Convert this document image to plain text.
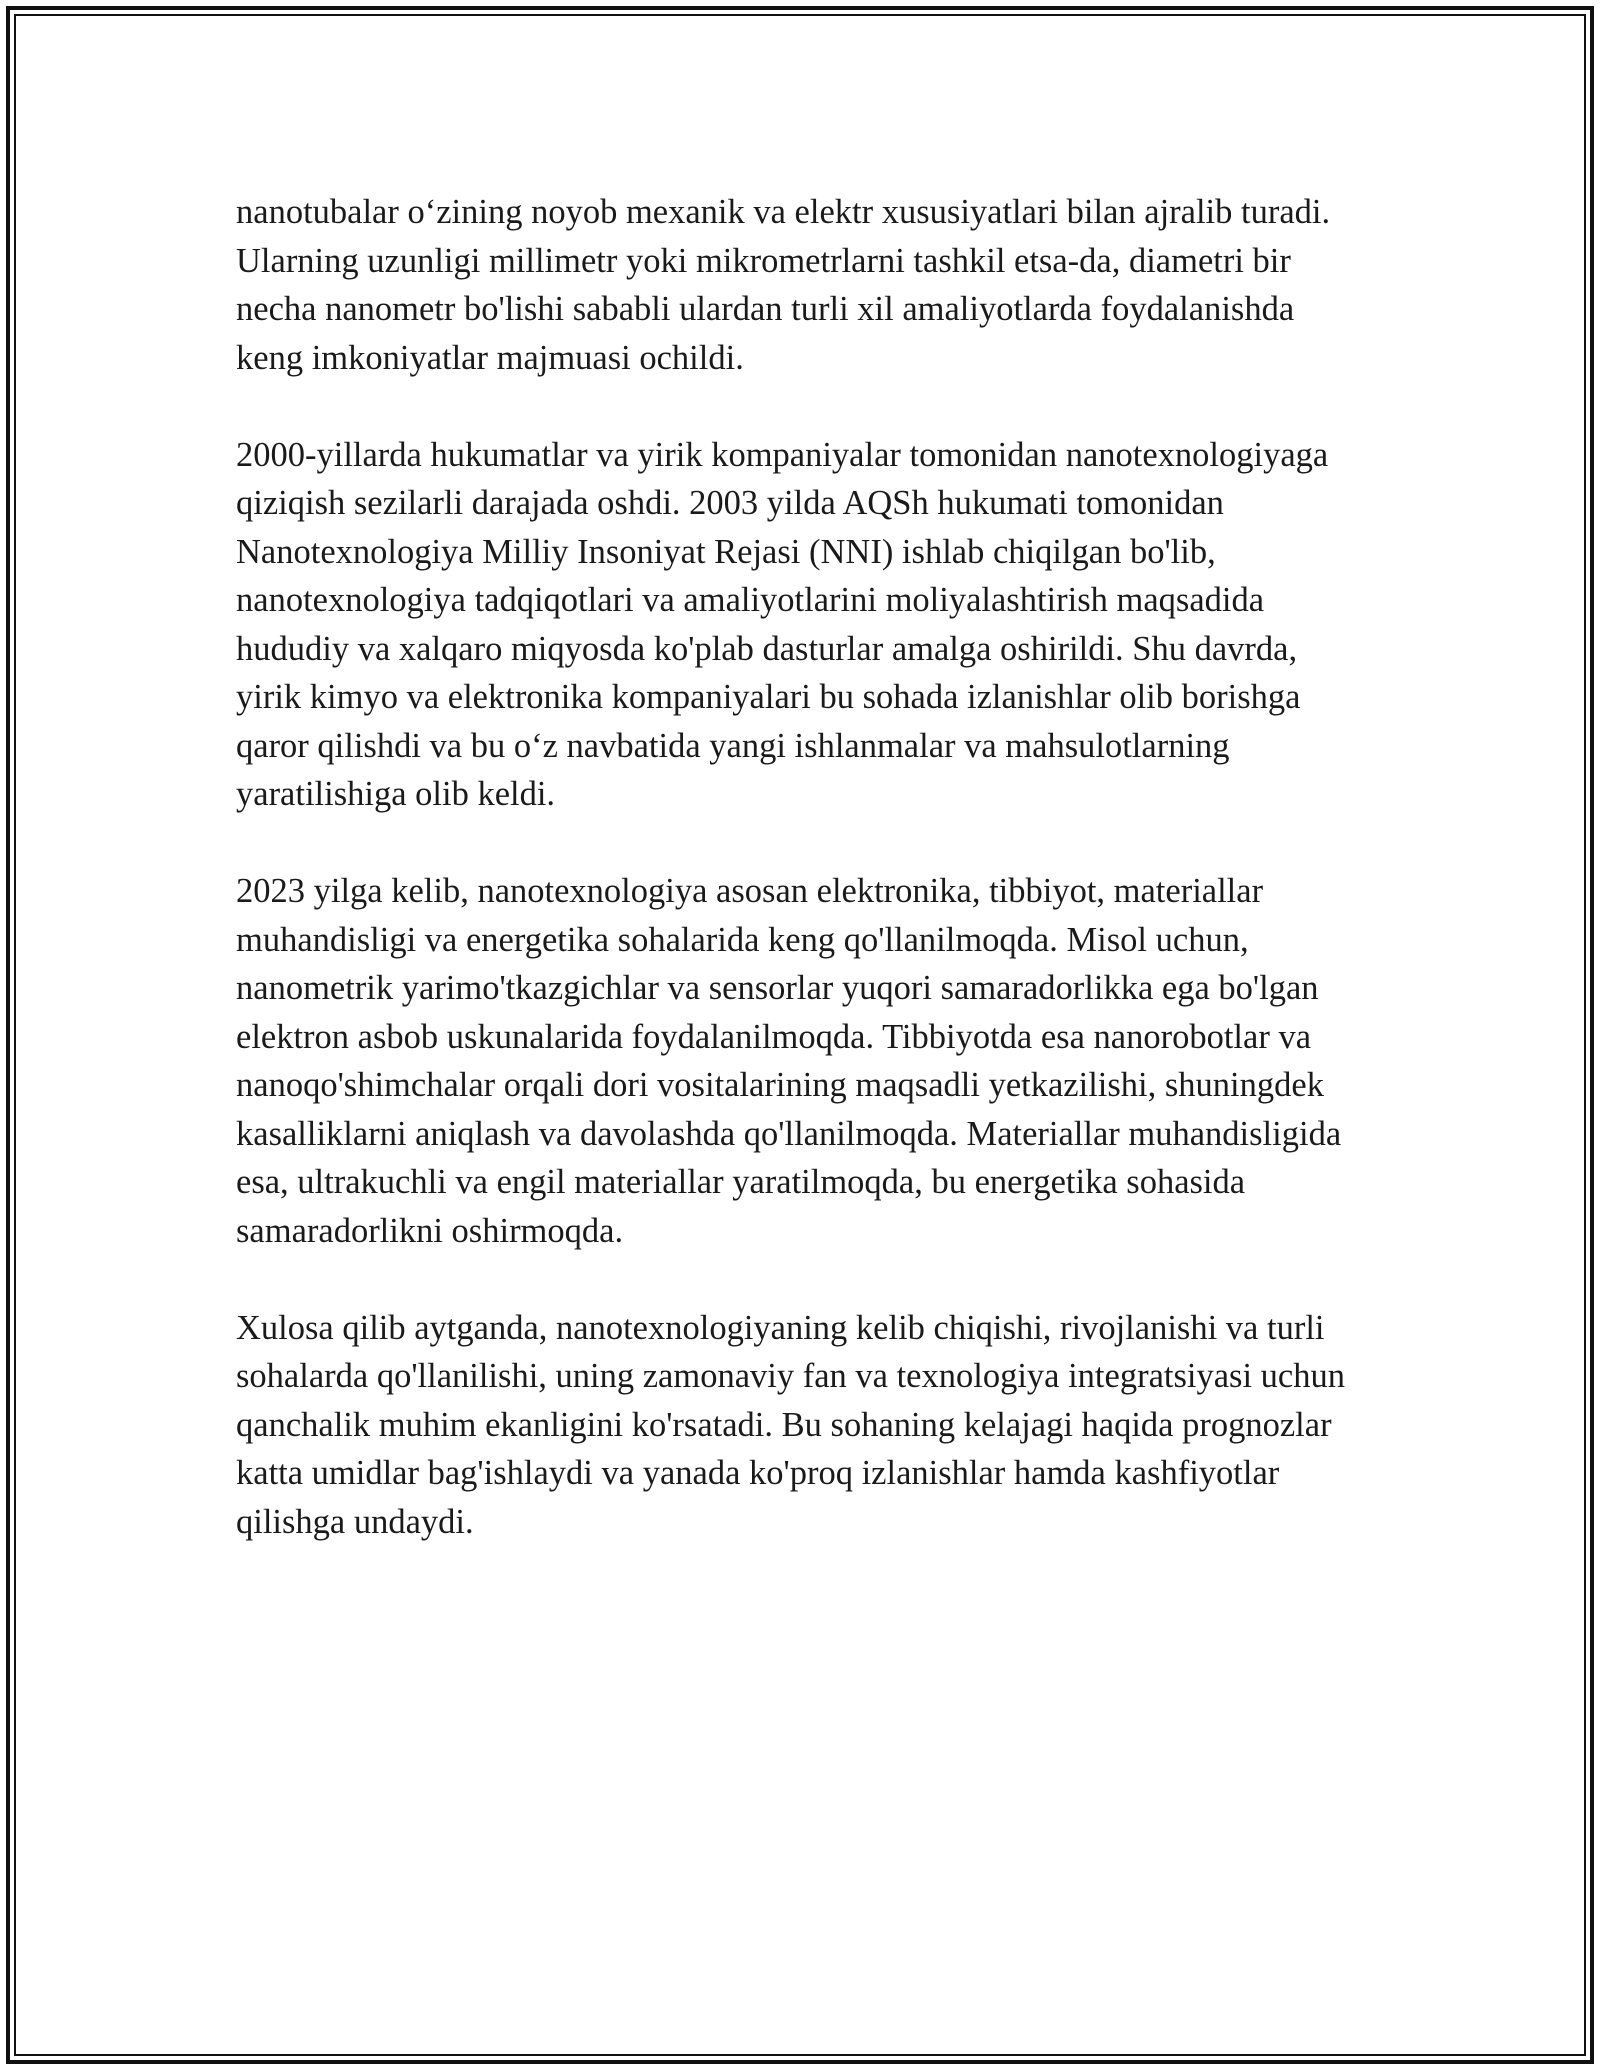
nanotubalar o‘zining noyob mexanik va elektr xususiyatlari bilan ajralib turadi. Ularning uzunligi millimetr yoki mikrometrlarni tashkil etsa-da, diametri bir necha nanometr bo'lishi sababli ulardan turli xil amaliyotlarda foydalanishda keng imkoniyatlar majmuasi ochildi.

2000-yillarda hukumatlar va yirik kompaniyalar tomonidan nanotexnologiyaga qiziqish sezilarli darajada oshdi. 2003 yilda AQSh hukumati tomonidan Nanotexnologiya Milliy Insoniyat Rejasi (NNI) ishlab chiqilgan bo'lib, nanotexnologiya tadqiqotlari va amaliyotlarini moliyalashtirish maqsadida hududiy va xalqaro miqyosda ko'plab dasturlar amalga oshirildi. Shu davrda, yirik kimyo va elektronika kompaniyalari bu sohada izlanishlar olib borishga qaror qilishdi va bu o‘z navbatida yangi ishlanmalar va mahsulotlarning yaratilishiga olib keldi.

2023 yilga kelib, nanotexnologiya asosan elektronika, tibbiyot, materiallar muhandisligi va energetika sohalarida keng qo'llanilmoqda. Misol uchun, nanometrik yarimo'tkazgichlar va sensorlar yuqori samaradorlikka ega bo'lgan elektron asbob uskunalarida foydalanilmoqda. Tibbiyotda esa nanorobotlar va nanoqo'shimchalar orqali dori vositalarining maqsadli yetkazilishi, shuningdek kasalliklarni aniqlash va davolashda qo'llanilmoqda. Materiallar muhandisligida esa, ultrakuchli va engil materiallar yaratilmoqda, bu energetika sohasida samaradorlikni oshirmoqda.

Xulosa qilib aytganda, nanotexnologiyaning kelib chiqishi, rivojlanishi va turli sohalarda qo'llanilishi, uning zamonaviy fan va texnologiya integratsiyasi uchun qanchalik muhim ekanligini ko'rsatadi. Bu sohaning kelajagi haqida prognozlar katta umidlar bag'ishlaydi va yanada ko'proq izlanishlar hamda kashfiyotlar qilishga undaydi.
